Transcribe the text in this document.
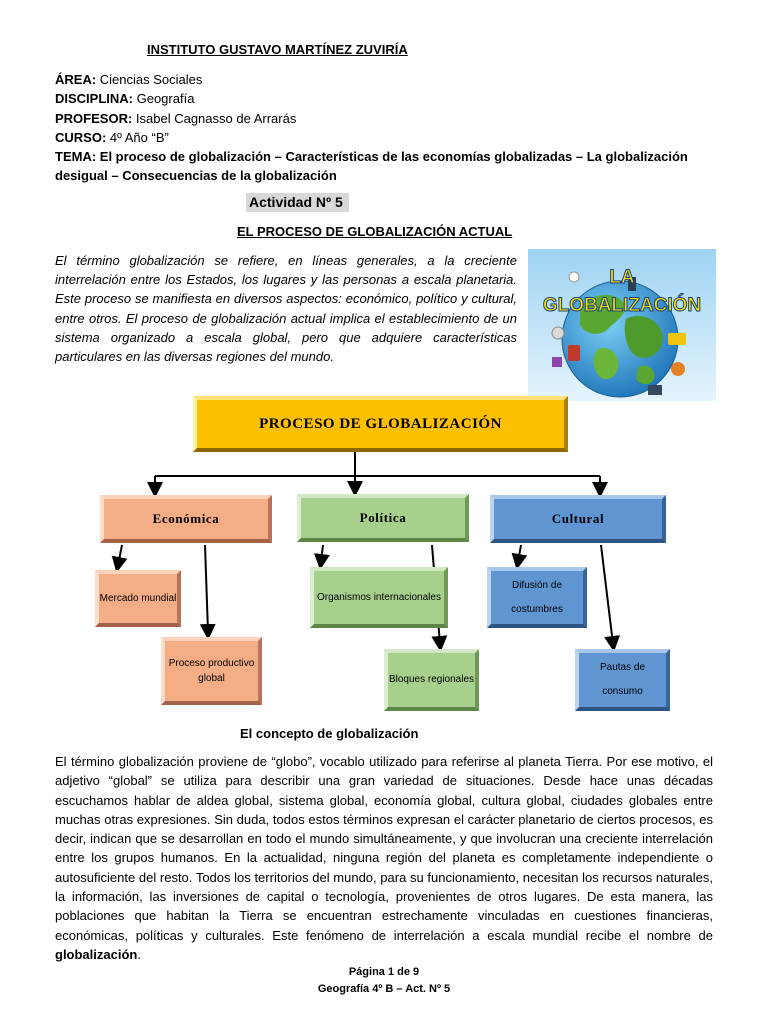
INSTITUTO GUSTAVO MARTÍNEZ ZUVIRÍA
ÁREA: Ciencias Sociales
DISCIPLINA: Geografía
PROFESOR: Isabel Cagnasso de Arrarás
CURSO: 4º Año “B”
TEMA: El proceso de globalización – Características de las economías globalizadas – La globalización desigual – Consecuencias de la globalización
Actividad Nº 5
EL PROCESO DE GLOBALIZACIÓN ACTUAL
El término globalización se refiere, en líneas generales, a la creciente interrelación entre los Estados, los lugares y las personas a escala planetaria. Este proceso se manifiesta en diversos aspectos: económico, político y cultural, entre otros. El proceso de globalización actual implica el establecimiento de un sistema organizado a escala global, pero que adquiere características particulares en las diversas regiones del mundo.
LA
GLOBALIZACIÓN
PROCESO DE GLOBALIZACIÓN
Económica	Política	Cultural
Mercado mundial
Proceso productivo global
Organismos internacionales
Bloques regionales
Difusión de costumbres
Pautas de consumo
El concepto de globalización
El término globalización proviene de “globo”, vocablo utilizado para referirse al planeta Tierra. Por ese motivo, el adjetivo “global” se utiliza para describir una gran variedad de situaciones. Desde hace unas décadas escuchamos hablar de aldea global, sistema global, economía global, cultura global, ciudades globales entre muchas otras expresiones. Sin duda, todos estos términos expresan el carácter planetario de ciertos procesos, es decir, indican que se desarrollan en todo el mundo simultáneamente, y que involucran una creciente interrelación entre los grupos humanos. En la actualidad, ninguna región del planeta es completamente independiente o autosuficiente del resto. Todos los territorios del mundo, para su funcionamiento, necesitan los recursos naturales, la información, las inversiones de capital o tecnología, provenientes de otros lugares. De esta manera, las poblaciones que habitan la Tierra se encuentran estrechamente vinculadas en cuestiones financieras, económicas, políticas y culturales. Este fenómeno de interrelación a escala mundial recibe el nombre de globalización.
Página 1 de 9
Geografía 4º B – Act. Nº 5
